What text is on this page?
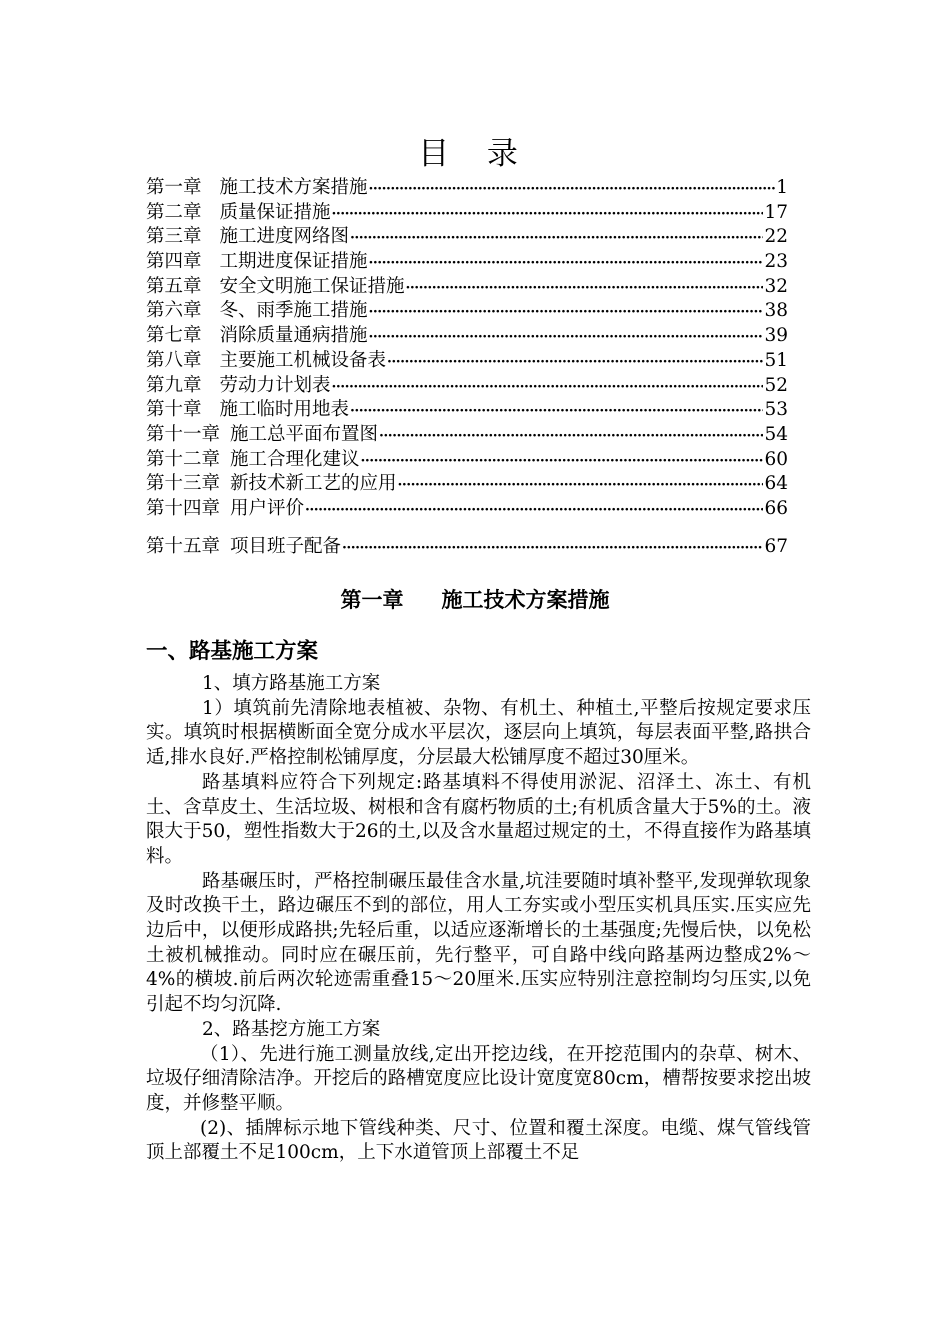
目 录
第一章 施工技术方案措施 ·····	1
第二章 质量保证措施 ·····	17
第三章 施工进度网络图 ·····	22
第四章 工期进度保证措施 ·····	23
第五章 安全文明施工保证措施 ·····	32
第六章 冬、雨季施工措施 ·····	38
第七章 消除质量通病措施 ·····	39
第八章 主要施工机械设备表 ·····	51
第九章 劳动力计划表 ·····	52
第十章 施工临时用地表 ·····	53
第十一章 施工总平面布置图 ·····	54
第十二章 施工合理化建议 ·····	60
第十三章 新技术新工艺的应用 ·····	64
第十四章 用户评价 ·····	66
第十五章 项目班子配备 ·····	67
第一章 施工技术方案措施
一、路基施工方案

1、填方路基施工方案

1）填筑前先清除地表植被、杂物、有机土、种植土,平整后按规定要求压实。填筑时根据横断面全宽分成水平层次，逐层向上填筑，每层表面平整,路拱合适,排水良好.严格控制松铺厚度，分层最大松铺厚度不超过30厘米。

路基填料应符合下列规定:路基填料不得使用淤泥、沼泽土、冻土、有机土、含草皮土、生活垃圾、树根和含有腐朽物质的土;有机质含量大于5%的土。液限大于50，塑性指数大于26的土,以及含水量超过规定的土，不得直接作为路基填料。

路基碾压时，严格控制碾压最佳含水量,坑洼要随时填补整平,发现弹软现象及时改换干土，路边碾压不到的部位，用人工夯实或小型压实机具压实.压实应先边后中，以便形成路拱;先轻后重，以适应逐渐增长的土基强度;先慢后快，以免松土被机械推动。同时应在碾压前，先行整平，可自路中线向路基两边整成2%～4%的横坡.前后两次轮迹需重叠15～20厘米.压实应特别注意控制均匀压实,以免引起不均匀沉降.

2、路基挖方施工方案

（1）、先进行施工测量放线,定出开挖边线，在开挖范围内的杂草、树木、垃圾仔细清除洁净。开挖后的路槽宽度应比设计宽度宽80cm，槽帮按要求挖出坡度，并修整平顺。

(2)、插牌标示地下管线种类、尺寸、位置和覆土深度。电缆、煤气管线管顶上部覆土不足100cm，上下水道管顶上部覆土不足
